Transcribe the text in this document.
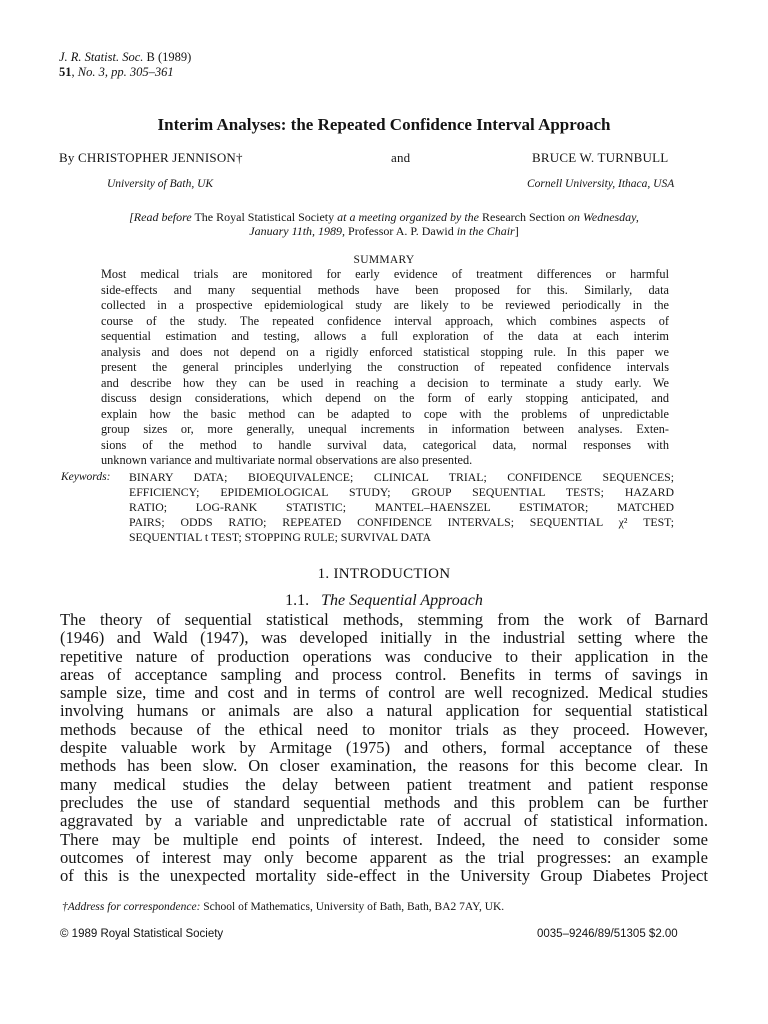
J. R. Statist. Soc. B (1989)
51, No. 3, pp. 305–361
Interim Analyses: the Repeated Confidence Interval Approach
By CHRISTOPHER JENNISON†	and	BRUCE W. TURNBULL
University of Bath, UK	Cornell University, Ithaca, USA
[Read before The Royal Statistical Society at a meeting organized by the Research Section on Wednesday,
January 11th, 1989, Professor A. P. Dawid in the Chair]
SUMMARY
Most medical trials are monitored for early evidence of treatment differences or harmful
side-effects and many sequential methods have been proposed for this. Similarly, data
collected in a prospective epidemiological study are likely to be reviewed periodically in the
course of the study. The repeated confidence interval approach, which combines aspects of
sequential estimation and testing, allows a full exploration of the data at each interim
analysis and does not depend on a rigidly enforced statistical stopping rule. In this paper we
present the general principles underlying the construction of repeated confidence intervals
and describe how they can be used in reaching a decision to terminate a study early. We
discuss design considerations, which depend on the form of early stopping anticipated, and
explain how the basic method can be adapted to cope with the problems of unpredictable
group sizes or, more generally, unequal increments in information between analyses. Exten-
sions of the method to handle survival data, categorical data, normal responses with
unknown variance and multivariate normal observations are also presented.
Keywords: BINARY DATA; BIOEQUIVALENCE; CLINICAL TRIAL; CONFIDENCE SEQUENCES;
EFFICIENCY; EPIDEMIOLOGICAL STUDY; GROUP SEQUENTIAL TESTS; HAZARD
RATIO; LOG-RANK STATISTIC; MANTEL–HAENSZEL ESTIMATOR; MATCHED
PAIRS; ODDS RATIO; REPEATED CONFIDENCE INTERVALS; SEQUENTIAL χ² TEST;
SEQUENTIAL t TEST; STOPPING RULE; SURVIVAL DATA
1. INTRODUCTION
1.1. The Sequential Approach
The theory of sequential statistical methods, stemming from the work of Barnard
(1946) and Wald (1947), was developed initially in the industrial setting where the
repetitive nature of production operations was conducive to their application in the
areas of acceptance sampling and process control. Benefits in terms of savings in
sample size, time and cost and in terms of control are well recognized. Medical studies
involving humans or animals are also a natural application for sequential statistical
methods because of the ethical need to monitor trials as they proceed. However,
despite valuable work by Armitage (1975) and others, formal acceptance of these
methods has been slow. On closer examination, the reasons for this become clear. In
many medical studies the delay between patient treatment and patient response
precludes the use of standard sequential methods and this problem can be further
aggravated by a variable and unpredictable rate of accrual of statistical information.
There may be multiple end points of interest. Indeed, the need to consider some
outcomes of interest may only become apparent as the trial progresses: an example
of this is the unexpected mortality side-effect in the University Group Diabetes Project
†Address for correspondence: School of Mathematics, University of Bath, Bath, BA2 7AY, UK.
© 1989 Royal Statistical Society	0035–9246/89/51305 $2.00
